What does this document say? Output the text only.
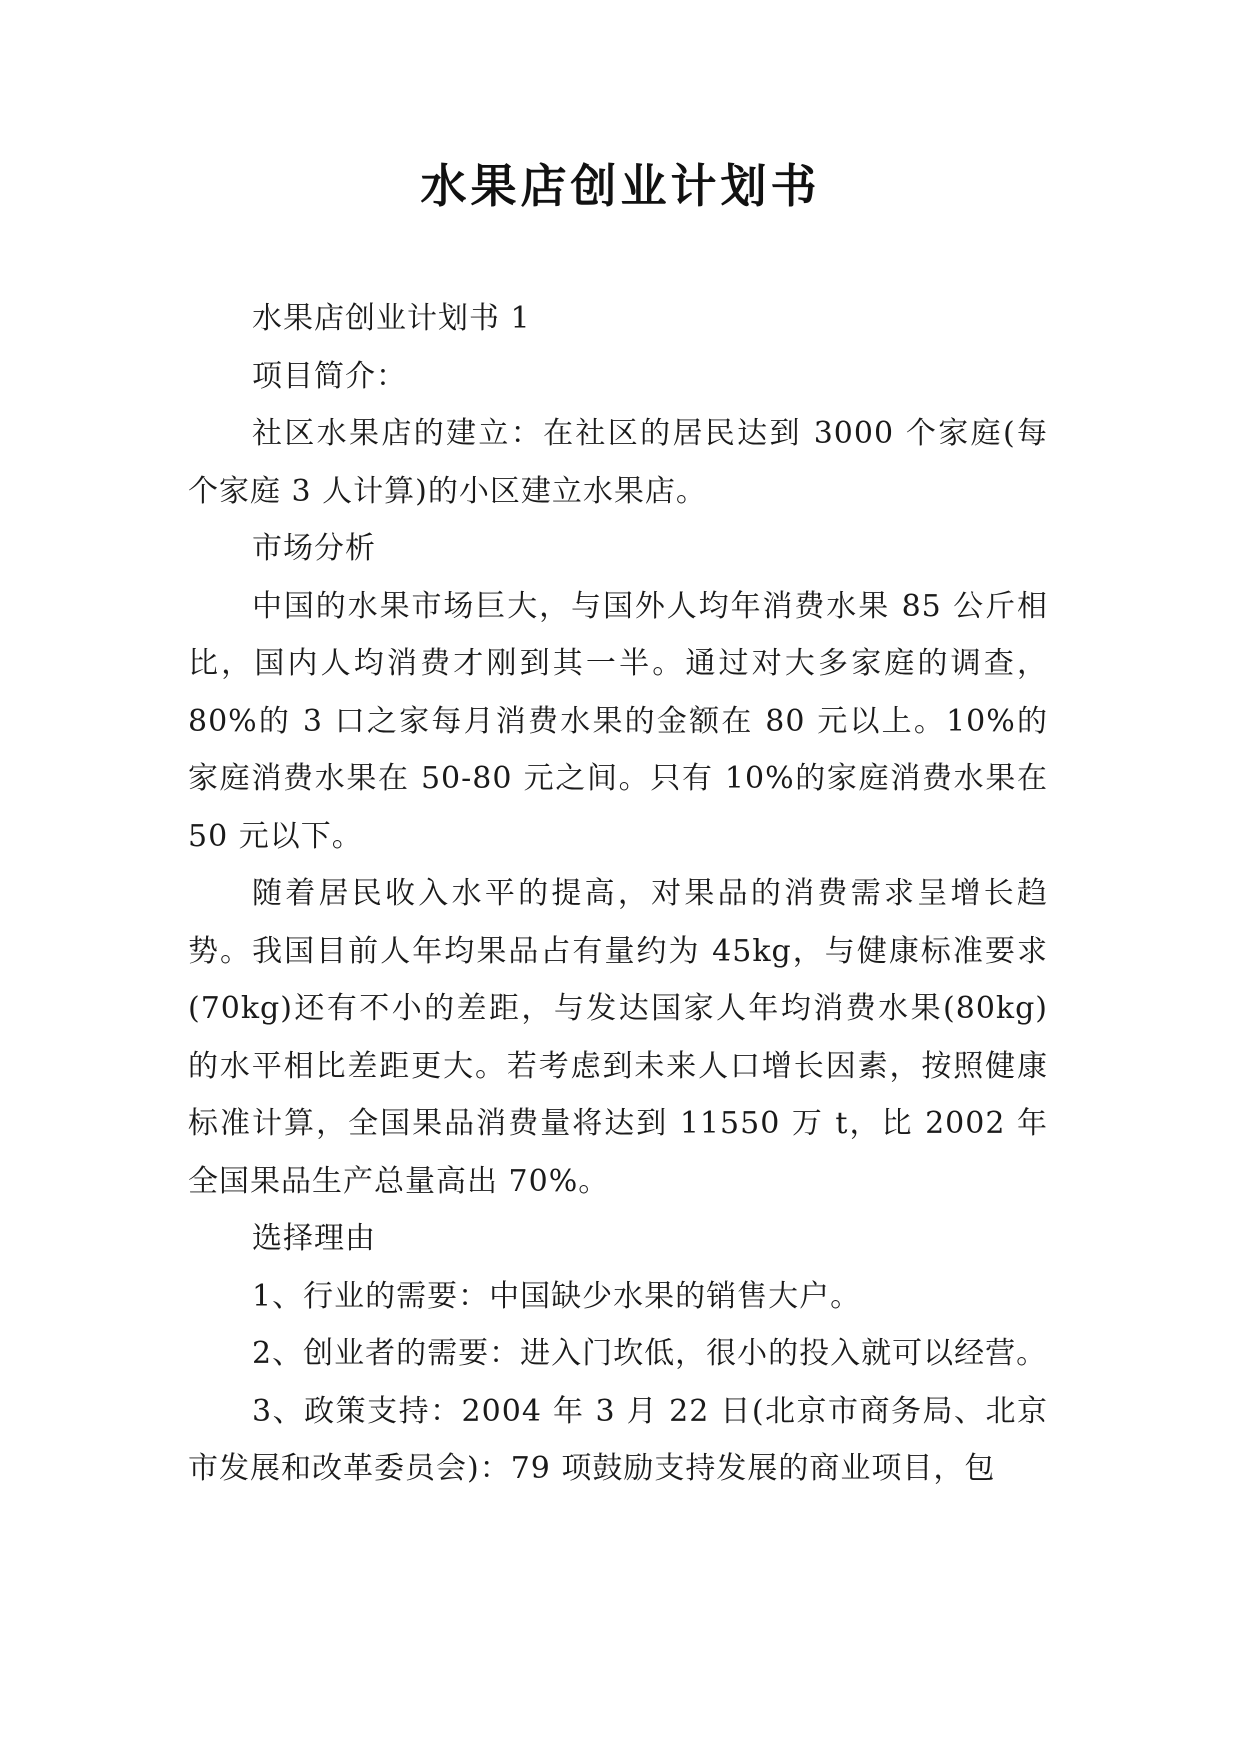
水果店创业计划书

水果店创业计划书 1

项目简介：

社区水果店的建立：在社区的居民达到 3000 个家庭(每个家庭 3 人计算)的小区建立水果店。

市场分析

中国的水果市场巨大，与国外人均年消费水果 85 公斤相比，国内人均消费才刚到其一半。通过对大多家庭的调查，80%的 3 口之家每月消费水果的金额在 80 元以上。10%的家庭消费水果在 50-80 元之间。只有 10%的家庭消费水果在 50 元以下。

随着居民收入水平的提高，对果品的消费需求呈增长趋势。我国目前人年均果品占有量约为 45kg，与健康标准要求(70kg)还有不小的差距，与发达国家人年均消费水果(80kg)的水平相比差距更大。若考虑到未来人口增长因素，按照健康标准计算，全国果品消费量将达到 11550 万 t，比 2002 年全国果品生产总量高出 70%。

选择理由

1、行业的需要：中国缺少水果的销售大户。

2、创业者的需要：进入门坎低，很小的投入就可以经营。

3、政策支持：2004 年 3 月 22 日(北京市商务局、北京市发展和改革委员会)：79 项鼓励支持发展的商业项目，包
